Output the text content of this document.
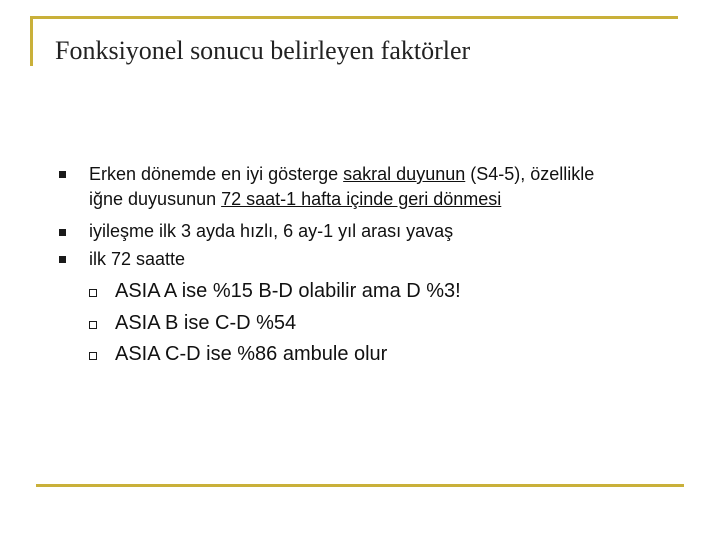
Fonksiyonel sonucu belirleyen faktörler
Erken dönemde en iyi gösterge sakral duyunun (S4-5), özellikle
iğne duyusunun 72 saat-1 hafta içinde geri dönmesi
iyileşme ilk 3 ayda hızlı, 6 ay-1 yıl arası yavaş
ilk 72 saatte
ASIA A ise %15 B-D olabilir ama D %3!
ASIA B ise C-D %54
ASIA C-D ise %86 ambule olur
